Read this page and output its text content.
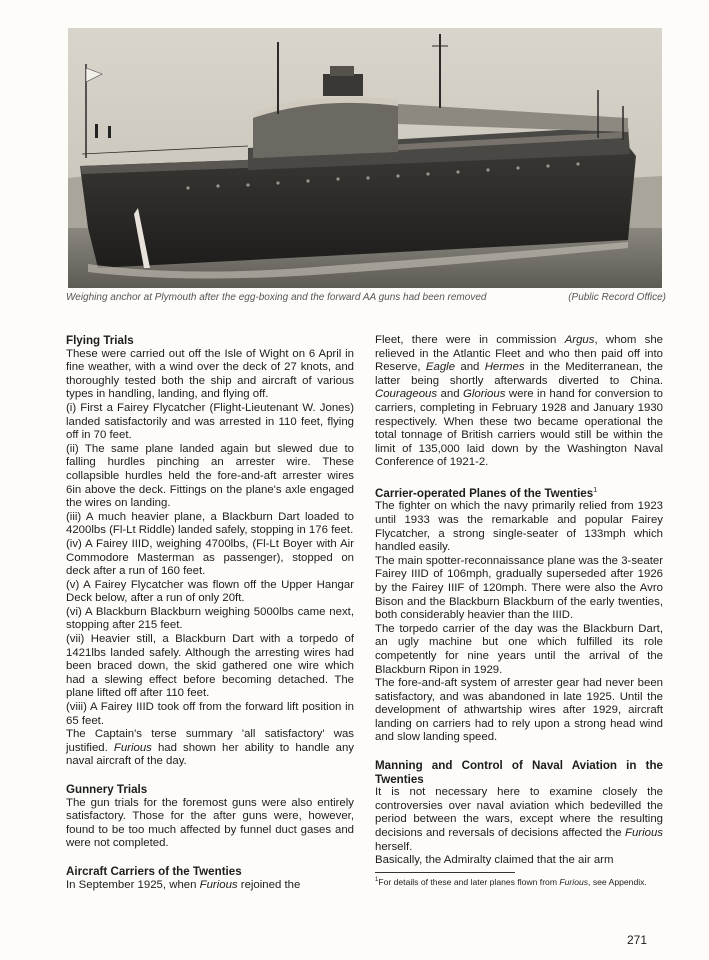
Weighing anchor at Plymouth after the egg-boxing and the forward AA guns had been removed	(Public Record Office)
Flying Trials

These were carried out off the Isle of Wight on 6 April in fine weather, with a wind over the deck of 27 knots, and thoroughly tested both the ship and aircraft of various types in handling, landing, and flying off.

(i) First a Fairey Flycatcher (Flight-Lieutenant W. Jones) landed satisfactorily and was arrested in 110 feet, flying off in 70 feet.

(ii) The same plane landed again but slewed due to falling hurdles pinching an arrester wire. These collapsible hurdles held the fore-and-aft arrester wires 6in above the deck. Fittings on the plane's axle engaged the wires on landing.

(iii) A much heavier plane, a Blackburn Dart loaded to 4200lbs (Fl-Lt Riddle) landed safely, stopping in 176 feet.

(iv) A Fairey IIID, weighing 4700lbs, (Fl-Lt Boyer with Air Commodore Masterman as passenger), stopped on deck after a run of 160 feet.

(v) A Fairey Flycatcher was flown off the Upper Hangar Deck below, after a run of only 20ft.

(vi) A Blackburn Blackburn weighing 5000lbs came next, stopping after 215 feet.

(vii) Heavier still, a Blackburn Dart with a torpedo of 1421lbs landed safely. Although the arresting wires had been braced down, the skid gathered one wire which had a slewing effect before becoming detached. The plane lifted off after 110 feet.

(viii) A Fairey IIID took off from the forward lift position in 65 feet.

The Captain's terse summary 'all satisfactory' was justified. Furious had shown her ability to handle any naval aircraft of the day.

Gunnery Trials

The gun trials for the foremost guns were also entirely satisfactory. Those for the after guns were, however, found to be too much affected by funnel duct gases and were not completed.

Aircraft Carriers of the Twenties

In September 1925, when Furious rejoined the

Fleet, there were in commission Argus, whom she relieved in the Atlantic Fleet and who then paid off into Reserve, Eagle and Hermes in the Mediterranean, the latter being shortly afterwards diverted to China. Courageous and Glorious were in hand for conversion to carriers, completing in February 1928 and January 1930 respectively. When these two became operational the total tonnage of British carriers would still be within the limit of 135,000 laid down by the Washington Naval Conference of 1921-2.

Carrier-operated Planes of the Twenties$^1$

The fighter on which the navy primarily relied from 1923 until 1933 was the remarkable and popular Fairey Flycatcher, a strong single-seater of 133mph which handled easily.

The main spotter-reconnaissance plane was the 3-seater Fairey IIID of 106mph, gradually superseded after 1926 by the Fairey IIIF of 120mph. There were also the Avro Bison and the Blackburn Blackburn of the early twenties, both considerably heavier than the IIID.

The torpedo carrier of the day was the Blackburn Dart, an ugly machine but one which fulfilled its role competently for nine years until the arrival of the Blackburn Ripon in 1929.

The fore-and-aft system of arrester gear had never been satisfactory, and was abandoned in late 1925. Until the development of athwartship wires after 1929, aircraft landing on carriers had to rely upon a strong head wind and slow landing speed.

Manning and Control of Naval Aviation in the Twenties

It is not necessary here to examine closely the controversies over naval aviation which bedevilled the period between the wars, except where the resulting decisions and reversals of decisions affected the Furious herself.

Basically, the Admiralty claimed that the air arm

$^1$For details of these and later planes flown from Furious, see Appendix.

271
